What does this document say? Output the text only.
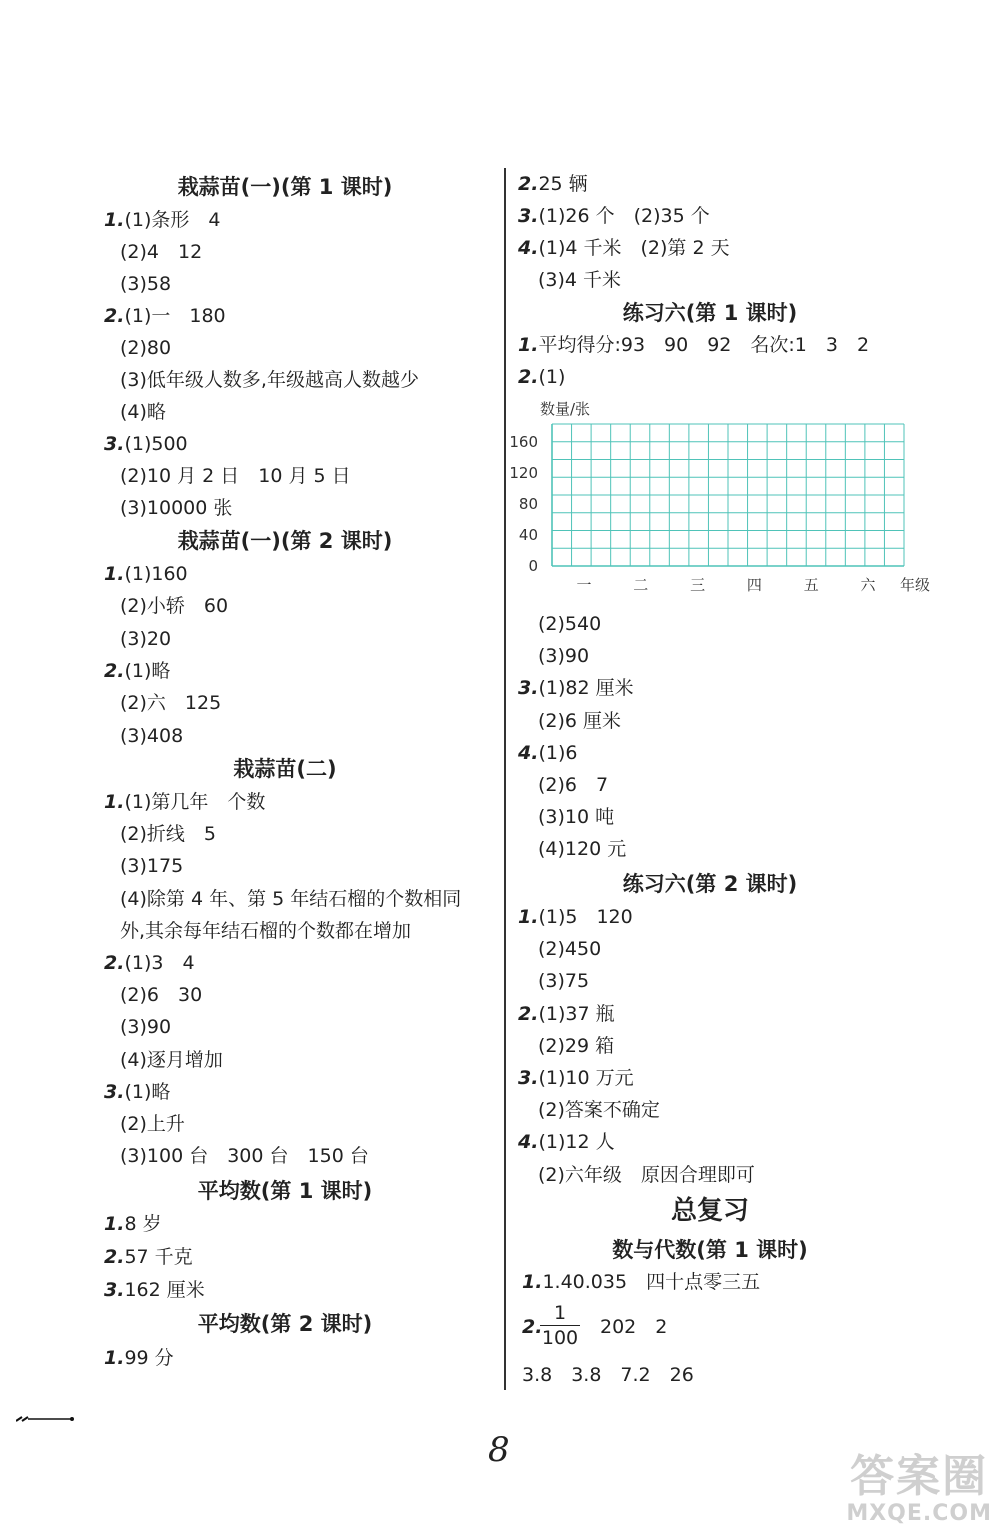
栽蒜苗(一)(第 1 课时)
1.(1)条形　4
(2)4　12
(3)58
2.(1)一　180
(2)80
(3)低年级人数多,年级越高人数越少
(4)略
3.(1)500
(2)10 月 2 日　10 月 5 日
(3)10000 张
栽蒜苗(一)(第 2 课时)
1.(1)160
(2)小轿　60
(3)20
2.(1)略
(2)六　125
(3)408
栽蒜苗(二)
1.(1)第几年　个数
(2)折线　5
(3)175
(4)除第 4 年、第 5 年结石榴的个数相同
外,其余每年结石榴的个数都在增加
2.(1)3　4
(2)6　30
(3)90
(4)逐月增加
3.(1)略
(2)上升
(3)100 台　300 台　150 台
平均数(第 1 课时)
1.8 岁
2.57 千克
3.162 厘米
平均数(第 2 课时)
1.99 分
2.25 辆
3.(1)26 个　(2)35 个
4.(1)4 千米　(2)第 2 天
(3)4 千米
练习六(第 1 课时)
1.平均得分:93　90　92　名次:1　3　2
2.(1)
数量/张
0
40
80
120
160
一	二	三	四	五	六 年级
(2)540
(3)90
3.(1)82 厘米
(2)6 厘米
4.(1)6
(2)6　7
(3)10 吨
(4)120 元
练习六(第 2 课时)
1.(1)5　120
(2)450
(3)75
2.(1)37 瓶
(2)29 箱
3.(1)10 万元
(2)答案不确定
4.(1)12 人
(2)六年级　原因合理即可
总复习
数与代数(第 1 课时)
1.1.40.035　四十点零三五
2.
1
100 202　2
3.8　3.8　7.2　26
8
答案圈
MXQE.COM
